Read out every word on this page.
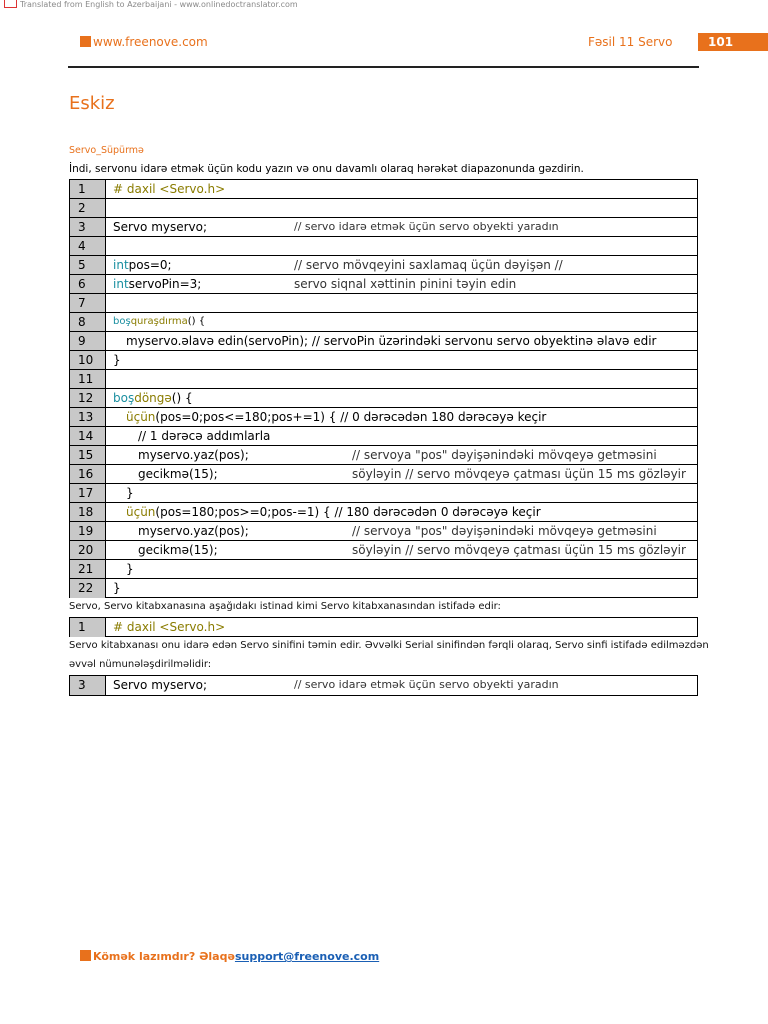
Translated from English to Azerbaijani - www.onlinedoctranslator.com
www.freenove.com	Fəsil 11 Servo	101
Eskiz
Servo_Süpürmə
İndi, servonu idarə etmək üçün kodu yazın və onu davamlı olaraq hərəkət diapazonunda gəzdirin.
1	# daxil <Servo.h>
2
3	Servo myservo;	// servo idarə etmək üçün servo obyekti yaradın
4
5	intpos=0;	// servo mövqeyini saxlamaq üçün dəyişən //
6	intservoPin=3;	servo siqnal xəttinin pinini təyin edin
7
8	boşquraşdırma() {
9	myservo.əlavə edin(servoPin); // servoPin üzərindəki servonu servo obyektinə əlavə edir
10	}
11
12	boşdöngə() {
13	üçün(pos=0;pos<=180;pos+=1) { // 0 dərəcədən 180 dərəcəyə keçir
14	// 1 dərəcə addımlarla
15	myservo.yaz(pos);	// servoya "pos" dəyişənindəki mövqeyə getməsini
16	gecikmə(15);	söyləyin // servo mövqeyə çatması üçün 15 ms gözləyir
17	}
18	üçün(pos=180;pos>=0;pos-=1) { // 180 dərəcədən 0 dərəcəyə keçir
19	myservo.yaz(pos);	// servoya "pos" dəyişənindəki mövqeyə getməsini
20	gecikmə(15);	söyləyin // servo mövqeyə çatması üçün 15 ms gözləyir
21	}
22	}
Servo, Servo kitabxanasına aşağıdakı istinad kimi Servo kitabxanasından istifadə edir:
1	# daxil <Servo.h>
Servo kitabxanası onu idarə edən Servo sinifini təmin edir. Əvvəlki Serial sinifindən fərqli olaraq, Servo sinfi istifadə edilməzdən
əvvəl nümunələşdirilməlidir:
3	Servo myservo;	// servo idarə etmək üçün servo obyekti yaradın
Kömək lazımdır? Əlaqəsupport@freenove.com
